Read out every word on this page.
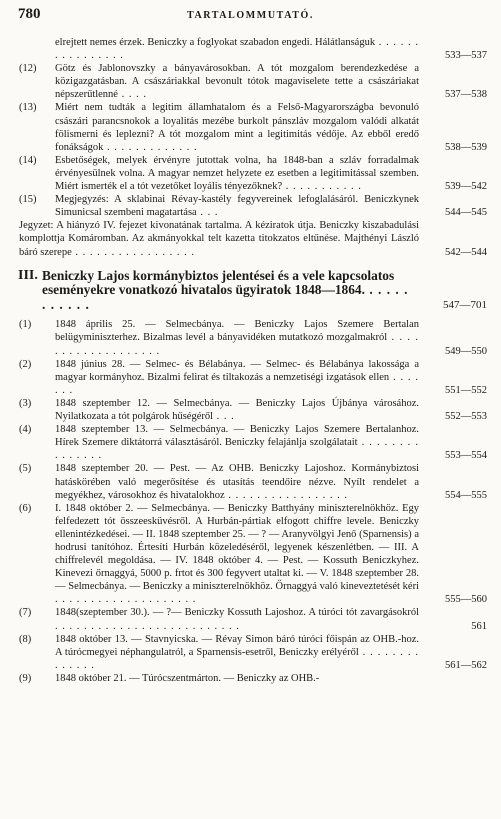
780	TARTALOMMUTATÓ.
elrejtett nemes érzek. Beniczky a foglyokat szabadon engedi. Hálátlanságuk . . . . . . . . . . . . . . . .	533—537
(12)	Götz és Jablonovszky a bányavárosokban. A tót mozgalom berendezkedése a közigazgatásban. A császáriakkal bevonult tótok magaviselete tette a császáriakat népszerűtlenné . . . .	537—538
(13)	Miért nem tudták a legitim államhatalom és a Felső-Magyarországba bevonuló császári parancsnokok a loyalitás mezébe burkolt pánszláv mozgalom valódi alkatát fölismerni és leplezni? A tót mozgalom mint a legitimitás védője. Az ebből eredő fonákságok . . . . . . . . . . . . .	538—539
(14)	Esbetőségek, melyek érvényre jutottak volna, ha 1848-ban a szláv forradalmak érvényesülnek volna. A magyar nemzet helyzete ez esetben a legitimitással szemben. Miért ismerték el a tót vezetőket loyális tényezőknek? . . . . . . . . . . .	539—542
(15)	Megjegyzés: A sklabinai Révay-kastély fegyvereinek lefoglalásáról. Beniczkynek Simunicsal szembeni magatartása . . .	544—545
Jegyzet: A hiányzó IV. fejezet kivonatának tartalma. A kéziratok útja. Beniczky kiszabadulási komplottja Komáromban. Az akmányokkal telt kazetta titokzatos eltűnése. Majthényi László báró szerepe . . . . . . . . . . . . . . . . .	542—544
III. Beniczky Lajos kormánybiztos jelentései és a vele kapcsolatos eseményekre vonatkozó hivatalos ügyiratok 1848—1864. . . . . . . . . . . .	547—701
(1)	1848 április 25. — Selmecbánya. — Beniczky Lajos Szemere Bertalan belügyminiszterhez. Bizalmas levél a bányavidéken mutatkozó mozgalmakról . . . . . . . . . . . . . . . . . . .	549—550
(2)	1848 június 28. — Selmec- és Bélabánya. — Selmec- és Bélabánya lakossága a magyar kormányhoz. Bizalmi felirat és tiltakozás a nemzetiségi izgatások ellen . . . . . . .	551—552
(3)	1848 szeptember 12. — Selmecbánya. — Beniczky Lajos Újbánya városához. Nyilatkozata a tót polgárok hűségéről . . .	552—553
(4)	1848 szeptember 13. — Selmecbánya. — Beniczky Lajos Szemere Bertalanhoz. Hírek Szemere diktátorrá választásáról. Beniczky felajánlja szolgálatait . . . . . . . . . . . . . . .	553—554
(5)	1848 szeptember 20. — Pest. — Az OHB. Beniczky Lajoshoz. Kormánybiztosi hatáskörében való megerősítése és utasítás teendőire nézve. Nyílt rendelet a megyékhez, városokhoz és hivatalokhoz . . . . . . . . . . . . . . . . .	554—555
(6)	I. 1848 október 2. — Selmecbánya. — Beniczky Batthyány miniszterelnökhöz. Egy felfedezett tót összeesküvésről. A Hurbán-pártiak elfogott chiffre levele. Beniczky ellenintézkedései. — II. 1848 szeptember 25. — ? — Aranyvölgyi Jenő (Sparnensis) a hodrusi tanítóhoz. Értesíti Hurbán közeledéséről, legyenek készenlétben. — III. A chiffrelevél megoldása. — IV. 1848 október 4. — Pest. — Kossuth Beniczkyhez. Kinevezi őrnaggyá, 5000 p. frtot és 300 fegyvert utaltat ki. — V. 1848 szeptember 28. — Selmecbánya. — Beniczky a miniszterelnökhöz. Őrnaggyá való kineveztetését kéri . . . . . . . . . . . . . . . . . . . .	555—560
(7)	1848(szeptember 30.). — ?— Beniczky Kossuth Lajoshoz. A túróci tót zavargásokról . . . . . . . . . . . . . . . . . . . . . . . . . .	561
(8)	1848 október 13. — Stavnyicska. — Révay Simon báró túróci főispán az OHB.-hoz. A túrócmegyei néphangulatról, a Sparnensis-esetről, Beniczky erélyéről . . . . . . . . . . . . . .	561—562
(9)	1848 október 21. — Túrócszentmárton. — Beniczky az OHB.-
